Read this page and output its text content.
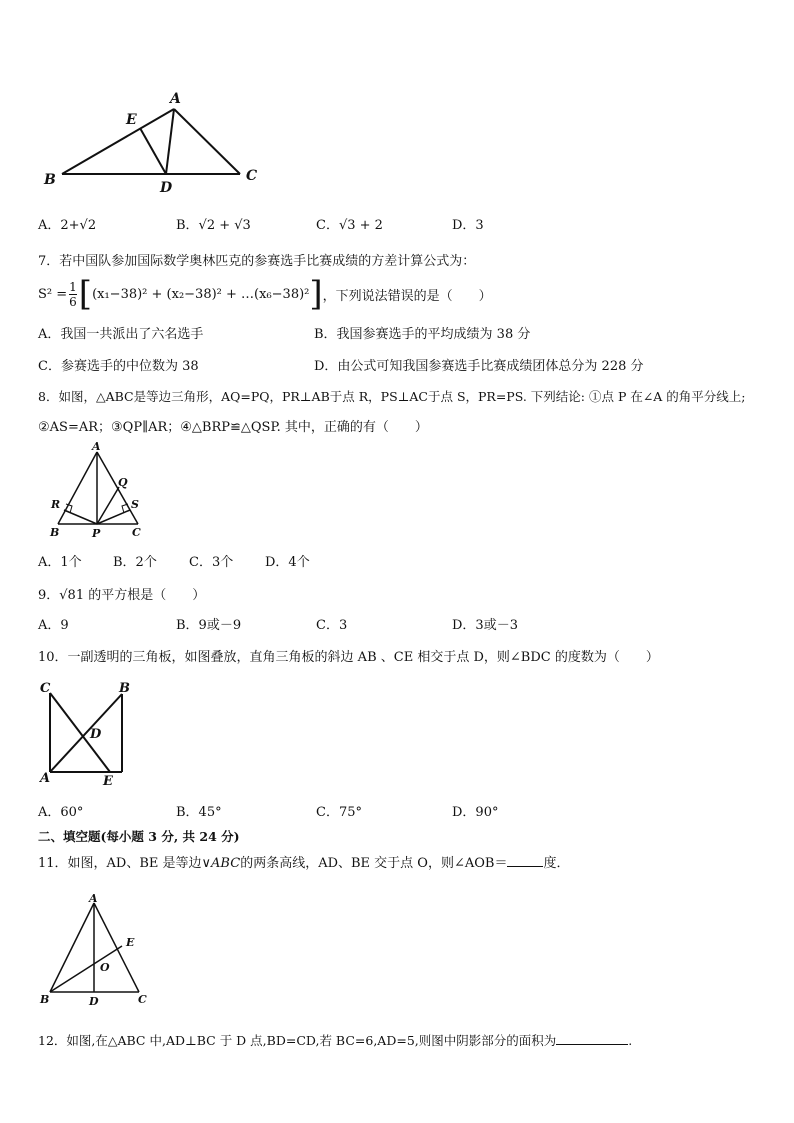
A
E
B	D
C
A．2+√2	B．√2 + √3	C．√3 + 2	D．3
7．若中国队参加国际数学奥林匹克的参赛选手比赛成绩的方差计算公式为：
$S^2 = \frac{1}{6}$ [ (x₁−38)² + (x₂−38)² + …(x₆−38)² ] ，下列说法错误的是（　　）
A．我国一共派出了六名选手	B．我国参赛选手的平均成绩为 38 分
C．参赛选手的中位数为 38	D．由公式可知我国参赛选手比赛成绩团体总分为 228 分
8．如图，△ABC是等边三角形，AQ=PQ，PR⊥AB于点 R，PS⊥AC于点 S，PR=PS. 下列结论: ①点 P 在∠A 的角平分线上;
②AS=AR；③QP∥AR；④△BRP≌△QSP. 其中，正确的有（　　）
A
Q
R	S
B	P	C
A．1个 B．2个 C．3个 D．4个
9．√81 的平方根是（　　）
A．9	B．9或－9	C．3	D．3或－3
10．一副透明的三角板，如图叠放，直角三角板的斜边 AB 、CE 相交于点 D，则∠BDC 的度数为（　　）
C	B
D
A	E
A．60°	B．45°	C．75°	D．90°
二、填空题(每小题 3 分, 共 24 分)
11．如图，AD、BE 是等边∨ABC的两条高线，AD、BE 交于点 O，则∠AOB＝	度．
A
E
O
B	D	C
12．如图,在△ABC 中,AD⊥BC 于 D 点,BD=CD,若 BC=6,AD=5,则图中阴影部分的面积为	.
